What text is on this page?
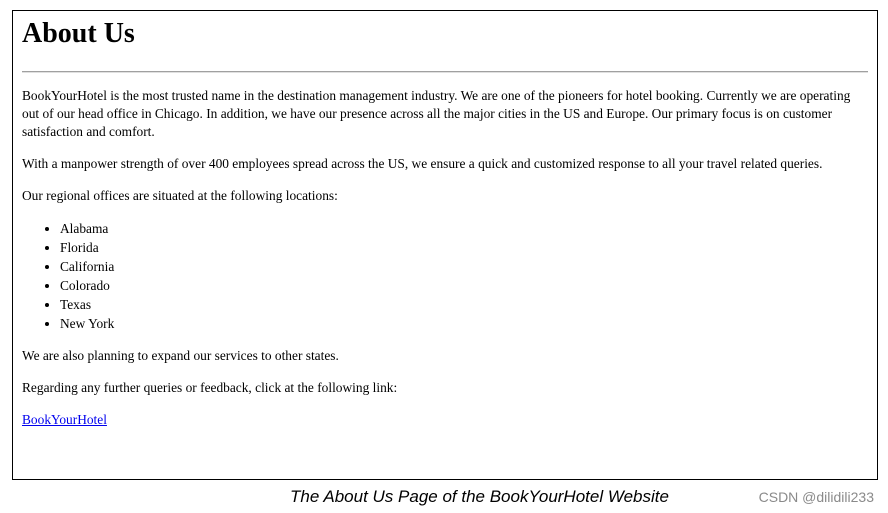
About Us

BookYourHotel is the most trusted name in the destination management industry. We are one of the pioneers for hotel booking. Currently we are operating out of our head office in Chicago. In addition, we have our presence across all the major cities in the US and Europe. Our primary focus is on customer satisfaction and comfort.

With a manpower strength of over 400 employees spread across the US, we ensure a quick and customized response to all your travel related queries.

Our regional offices are situated at the following locations:

• Alabama
• Florida
• California
• Colorado
• Texas
• New York

We are also planning to expand our services to other states.

Regarding any further queries or feedback, click at the following link:

BookYourHotel
The About Us Page of the BookYourHotel Website	CSDN @dilidili233
